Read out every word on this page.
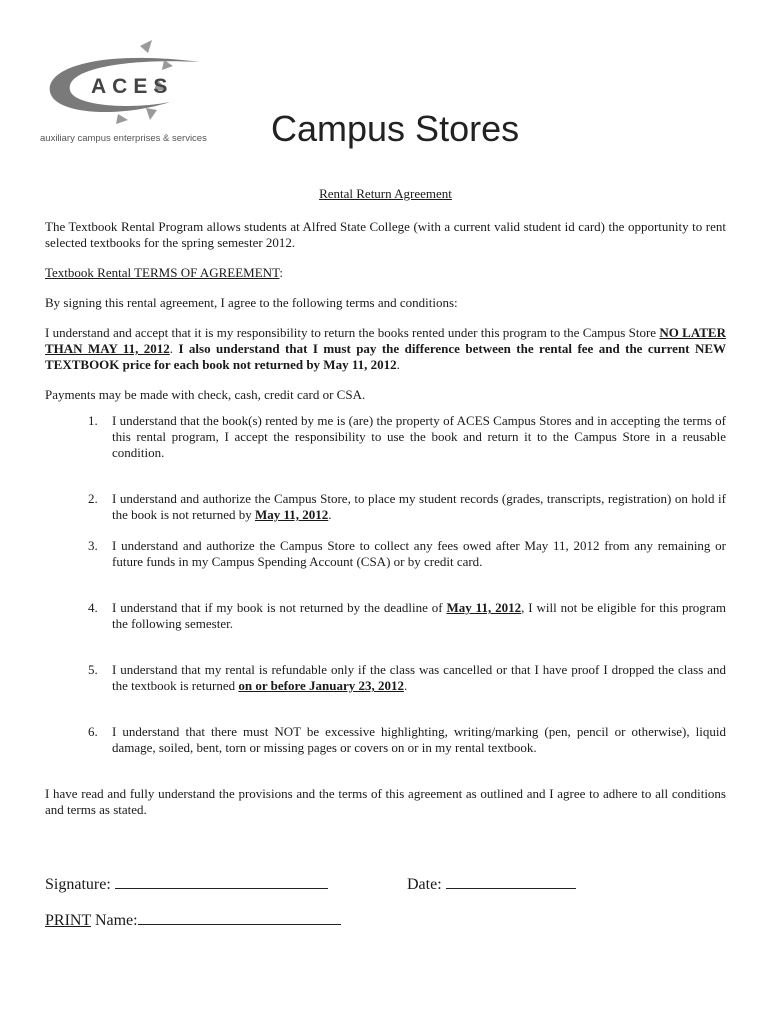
ACES
auxiliary campus enterprises & services Campus Stores

Rental Return Agreement

The Textbook Rental Program allows students at Alfred State College (with a current valid student id card) the opportunity to rent selected textbooks for the spring semester 2012.

Textbook Rental TERMS OF AGREEMENT:

By signing this rental agreement, I agree to the following terms and conditions:

I understand and accept that it is my responsibility to return the books rented under this program to the Campus Store NO LATER THAN MAY 11, 2012. I also understand that I must pay the difference between the rental fee and the current NEW TEXTBOOK price for each book not returned by May 11, 2012.

Payments may be made with check, cash, credit card or CSA.

1. I understand that the book(s) rented by me is (are) the property of ACES Campus Stores and in accepting the terms of this rental program, I accept the responsibility to use the book and return it to the Campus Store in a reusable condition.
2. I understand and authorize the Campus Store, to place my student records (grades, transcripts, registration) on hold if the book is not returned by May 11, 2012.
3. I understand and authorize the Campus Store to collect any fees owed after May 11, 2012 from any remaining or future funds in my Campus Spending Account (CSA) or by credit card.
4. I understand that if my book is not returned by the deadline of May 11, 2012, I will not be eligible for this program the following semester.
5. I understand that my rental is refundable only if the class was cancelled or that I have proof I dropped the class and the textbook is returned on or before January 23, 2012.
6. I understand that there must NOT be excessive highlighting, writing/marking (pen, pencil or otherwise), liquid damage, soiled, bent, torn or missing pages or covers on or in my rental textbook.

I have read and fully understand the provisions and the terms of this agreement as outlined and I agree to adhere to all conditions and terms as stated.

Signature:	Date:
PRINT Name:
